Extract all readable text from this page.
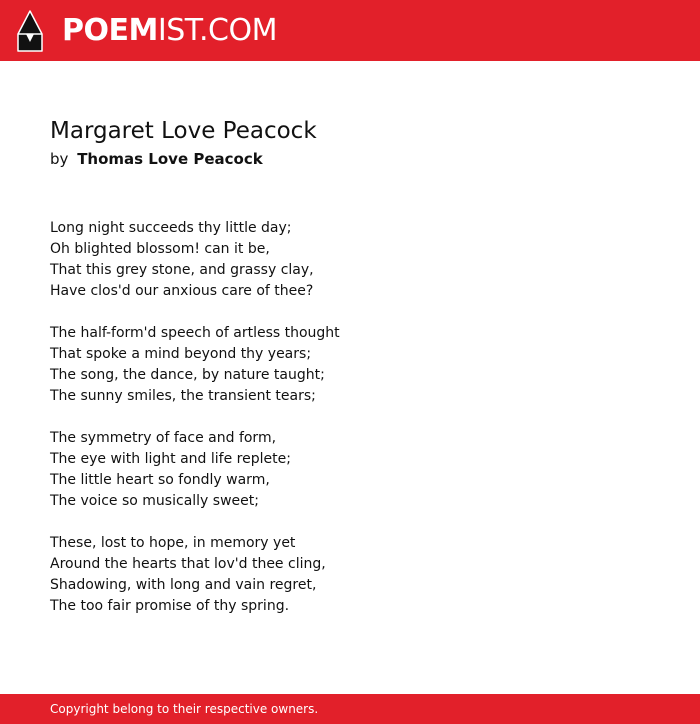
POEMIST.COM
Margaret Love Peacock
by Thomas Love Peacock
Long night succeeds thy little day;
Oh blighted blossom! can it be,
That this grey stone, and grassy clay,
Have clos'd our anxious care of thee?
The half-form'd speech of artless thought
That spoke a mind beyond thy years;
The song, the dance, by nature taught;
The sunny smiles, the transient tears;
The symmetry of face and form,
The eye with light and life replete;
The little heart so fondly warm,
The voice so musically sweet;
These, lost to hope, in memory yet
Around the hearts that lov'd thee cling,
Shadowing, with long and vain regret,
The too fair promise of thy spring.
Copyright belong to their respective owners.
